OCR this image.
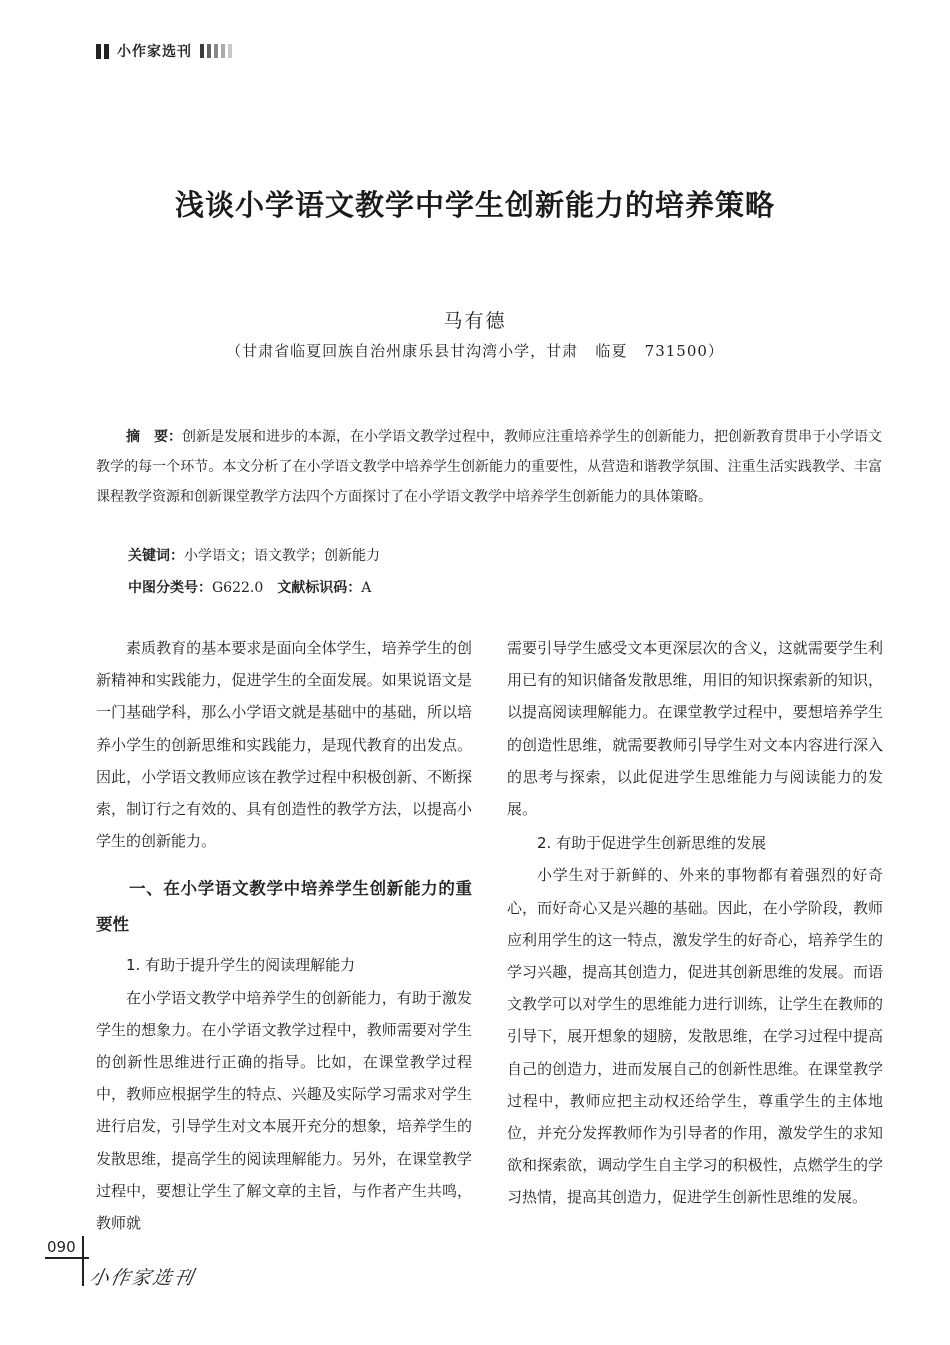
小作家选刊
浅谈小学语文教学中学生创新能力的培养策略
马有德
（甘肃省临夏回族自治州康乐县甘沟湾小学，甘肃   临夏   731500）

摘　要：创新是发展和进步的本源，在小学语文教学过程中，教师应注重培养学生的创新能力，把创新教育贯串于小学语文教学的每一个环节。本文分析了在小学语文教学中培养学生创新能力的重要性，从营造和谐教学氛围、注重生活实践教学、丰富课程教学资源和创新课堂教学方法四个方面探讨了在小学语文教学中培养学生创新能力的具体策略。

关键词：小学语文；语文教学；创新能力
中图分类号：G622.0 文献标识码：A

素质教育的基本要求是面向全体学生，培养学生的创新精神和实践能力，促进学生的全面发展。如果说语文是一门基础学科，那么小学语文就是基础中的基础，所以培养小学生的创新思维和实践能力，是现代教育的出发点。因此，小学语文教师应该在教学过程中积极创新、不断探索，制订行之有效的、具有创造性的教学方法，以提高小学生的创新能力。

一、在小学语文教学中培养学生创新能力的重要性
1. 有助于提升学生的阅读理解能力

在小学语文教学中培养学生的创新能力，有助于激发学生的想象力。在小学语文教学过程中，教师需要对学生的创新性思维进行正确的指导。比如，在课堂教学过程中，教师应根据学生的特点、兴趣及实际学习需求对学生进行启发，引导学生对文本展开充分的想象，培养学生的发散思维，提高学生的阅读理解能力。另外，在课堂教学过程中，要想让学生了解文章的主旨，与作者产生共鸣，教师就

需要引导学生感受文本更深层次的含义，这就需要学生利用已有的知识储备发散思维，用旧的知识探索新的知识，以提高阅读理解能力。在课堂教学过程中，要想培养学生的创造性思维，就需要教师引导学生对文本内容进行深入的思考与探索，以此促进学生思维能力与阅读能力的发展。

2. 有助于促进学生创新思维的发展

小学生对于新鲜的、外来的事物都有着强烈的好奇心，而好奇心又是兴趣的基础。因此，在小学阶段，教师应利用学生的这一特点，激发学生的好奇心，培养学生的学习兴趣，提高其创造力，促进其创新思维的发展。而语文教学可以对学生的思维能力进行训练，让学生在教师的引导下，展开想象的翅膀，发散思维，在学习过程中提高自己的创造力，进而发展自己的创新性思维。在课堂教学过程中，教师应把主动权还给学生，尊重学生的主体地位，并充分发挥教师作为引导者的作用，激发学生的求知欲和探索欲，调动学生自主学习的积极性，点燃学生的学习热情，提高其创造力，促进学生创新性思维的发展。

090
小作家选刊
